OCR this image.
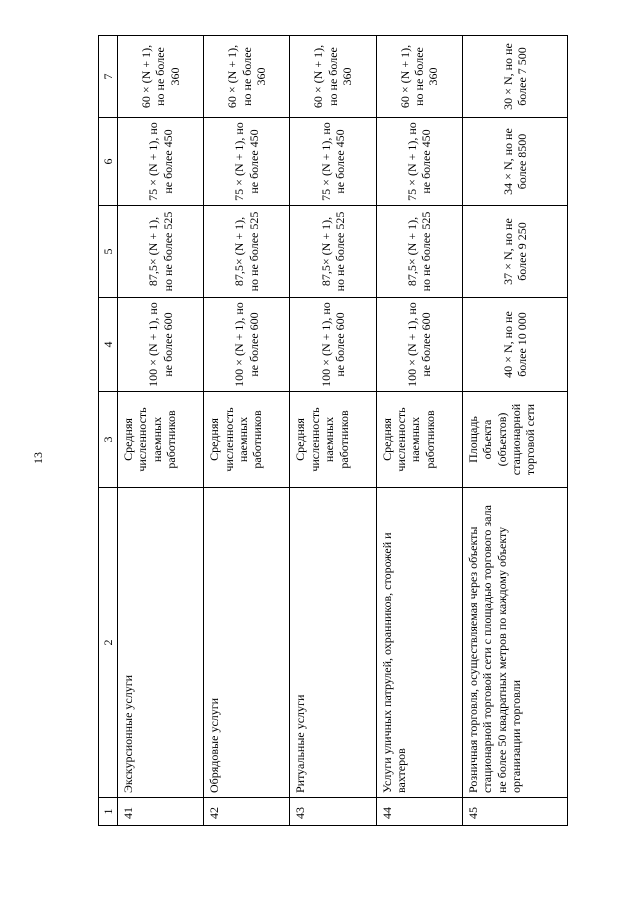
13
1	2	3	4	5	6	7
41	Экскурсионные услуги	Средняя численность наемных работников	100 × (N + 1), но не более 600	87,5× (N + 1), но не более 525	75 × (N + 1), но не более 450	60 × (N + 1), но не более 360
42	Обрядовые услуги	Средняя численность наемных работников	100 × (N + 1), но не более 600	87,5× (N + 1), но не более 525	75 × (N + 1), но не более 450	60 × (N + 1), но не более 360
43	Ритуальные услуги	Средняя численность наемных работников	100 × (N + 1), но не более 600	87,5× (N + 1), но не более 525	75 × (N + 1), но не более 450	60 × (N + 1), но не более 360
44	Услуги уличных патрулей, охранников, сторожей и вахтеров	Средняя численность наемных работников	100 × (N + 1), но не более 600	87,5× (N + 1), но не более 525	75 × (N + 1), но не более 450	60 × (N + 1), но не более 360
45	Розничная торговля, осуществляемая через объекты стационарной торговой сети с площадью торгового зала не более 50 квадратных метров по каждому объекту организации торговли	Площадь объекта (объектов) стационарной торговой сети	40 × N, но не более 10 000	37 × N, но не более 9 250	34 × N, но не более 8500	30 × N, но не более 7 500
